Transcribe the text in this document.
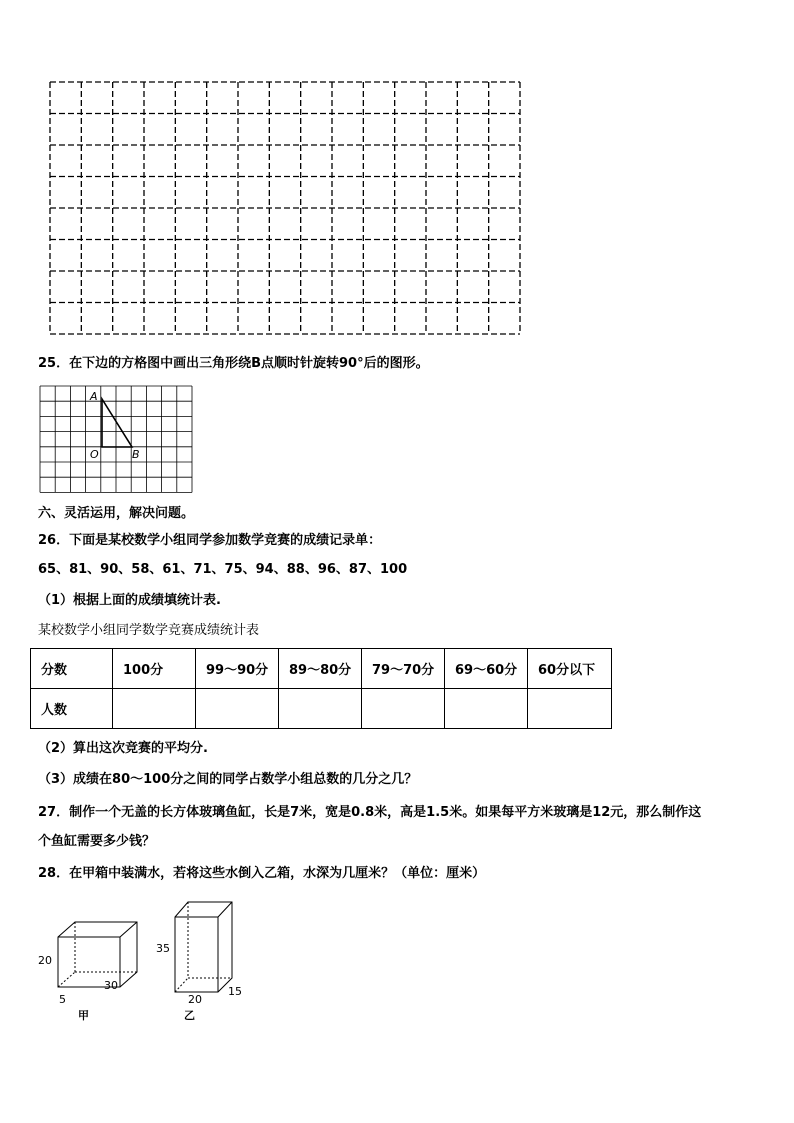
25．在下边的方格图中画出三角形绕B点顺时针旋转90°后的图形。
A
O	B
六、灵活运用，解决问题。
26．下面是某校数学小组同学参加数学竞赛的成绩记录单：
65、81、90、58、61、71、75、94、88、96、87、100
（1）根据上面的成绩填统计表.
某校数学小组同学数学竞赛成绩统计表
分数	100分	99～90分	89～80分	79～70分	69～60分	60分以下
人数						
（2）算出这次竞赛的平均分.
（3）成绩在80～100分之间的同学占数学小组总数的几分之几？
27．制作一个无盖的长方体玻璃鱼缸，长是7米，宽是0.8米，高是1.5米。如果每平方米玻璃是12元，那么制作这
个鱼缸需要多少钱？
28．在甲箱中装满水，若将这些水倒入乙箱，水深为几厘米？（单位：厘米）
20
5
30
甲
35
20
15
乙
